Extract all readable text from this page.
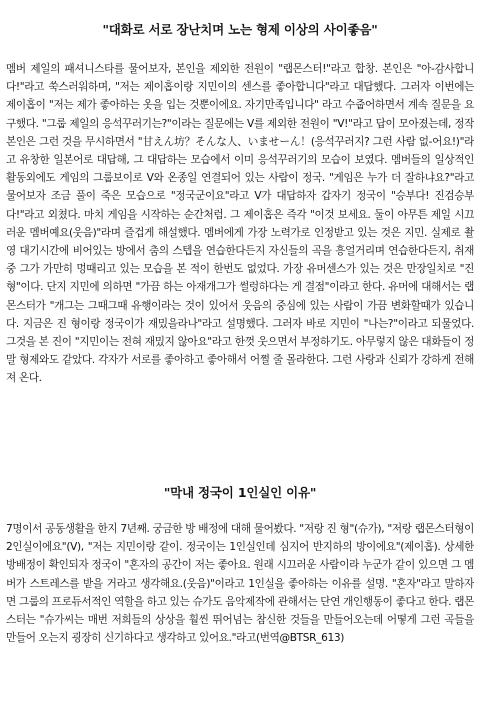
"대화로 서로 장난치며 노는 형제 이상의 사이좋음"

멤버 제일의 패셔니스타를 물어보자, 본인을 제외한 전원이 "랩몬스터!"라고 합창. 본인은 "아-감사합니다!"라고 쑥스러워하며, "저는 제이홉이랑 지민이의 센스를 좋아합니다"라고 대답했다. 그러자 이번에는 제이홉이 "저는 제가 좋아하는 옷을 입는 것뿐이에요. 자기만족입니다" 라고 수줍어하면서 계속 질문을 요구했다. "그룹 제일의 응석꾸러기는?"이라는 질문에는 V를 제외한 전원이 "V!"라고 답이 모아졌는데, 정작 본인은 그런 것을 무시하면서 "甘えん坊？そんな人、いませーん！(응석꾸러지? 그런 사람 없-어요!)"라고 유창한 일본어로 대답해, 그 대답하는 모습에서 이미 응석꾸러기의 모습이 보였다. 멤버들의 일상적인 활동외에도 게임의 그룹보이로 V와 온종일 연결되어 있는 사람이 정국. "게임은 누가 더 잘하냐요?"라고 물어보자 조금 풀이 죽은 모습으로 "정국군이요"라고 V가 대답하자 갑자기 정국이 "승부다! 진검승부다!"라고 외쳤다. 마치 게임을 시작하는 순간처럼. 그 제이홉은 즉각 "이것 보세요. 둘이 아무튼 제일 시끄러운 멤버예요(웃음)"라며 즐겁게 해설했다. 멤버에게 가장 노력가로 인정받고 있는 것은 지민. 실제로 촬영 대기시간에 비어있는 방에서 춤의 스텝을 연습한다든지 자신들의 곡을 흥얼거리며 연습한다든지, 취재중 그가 가만히 멍때리고 있는 모습을 본 적이 한번도 없었다. 가장 유머센스가 있는 것은 만장일치로 "진 형"이다. 단지 지민에 의하면 "가끔 하는 아재개그가 썰렁하다는 게 결점"이라고 한다. 유머에 대해서는 랩몬스터가 "개그는 그때그때 유행이라는 것이 있어서 웃음의 중심에 있는 사람이 가끔 변화할때가 있습니다. 지금은 진 형이랑 정국이가 재밌을라나"라고 설명했다. 그러자 바로 지민이 "나는?"이라고 되물었다. 그것을 본 진이 "지민이는 전혀 재밌지 않아요"라고 한껏 웃으면서 부정하기도. 아무렇지 않은 대화들이 정말 형제와도 같았다. 각자가 서로를 좋아하고 좋아해서 어쩔 줄 몰라한다. 그런 사랑과 신뢰가 강하게 전해져 온다.

"막내 정국이 1인실인 이유"

7명이서 공동생활을 한지 7년째. 궁금한 방 배정에 대해 물어봤다. "저랑 진 형"(슈가), "저랑 랩몬스터형이 2인실이에요"(V), "저는 지민이랑 같이. 정국이는 1인실인데 심지어 반지하의 방이에요"(제이홉). 상세한 방배정이 확인되자 정국이 "혼자의 공간이 저는 좋아요. 원래 시끄러운 사람이라 누군가 같이 있으면 그 멤버가 스트레스를 받을 거라고 생각해요.(웃음)"이라고 1인실을 좋아하는 이유를 설명. "혼자"라고 말하자면 그룹의 프로듀서적인 역할을 하고 있는 슈가도 음악제작에 관해서는 단연 개인행동이 좋다고 한다. 랩몬스터는 "슈가씨는 매번 저희들의 상상을 훨씬 뛰어넘는 참신한 것들을 만들어오는데 어떻게 그런 곡들을 만들어 오는지 굉장히 신기하다고 생각하고 있어요."라고(번역@BTSR_613)
